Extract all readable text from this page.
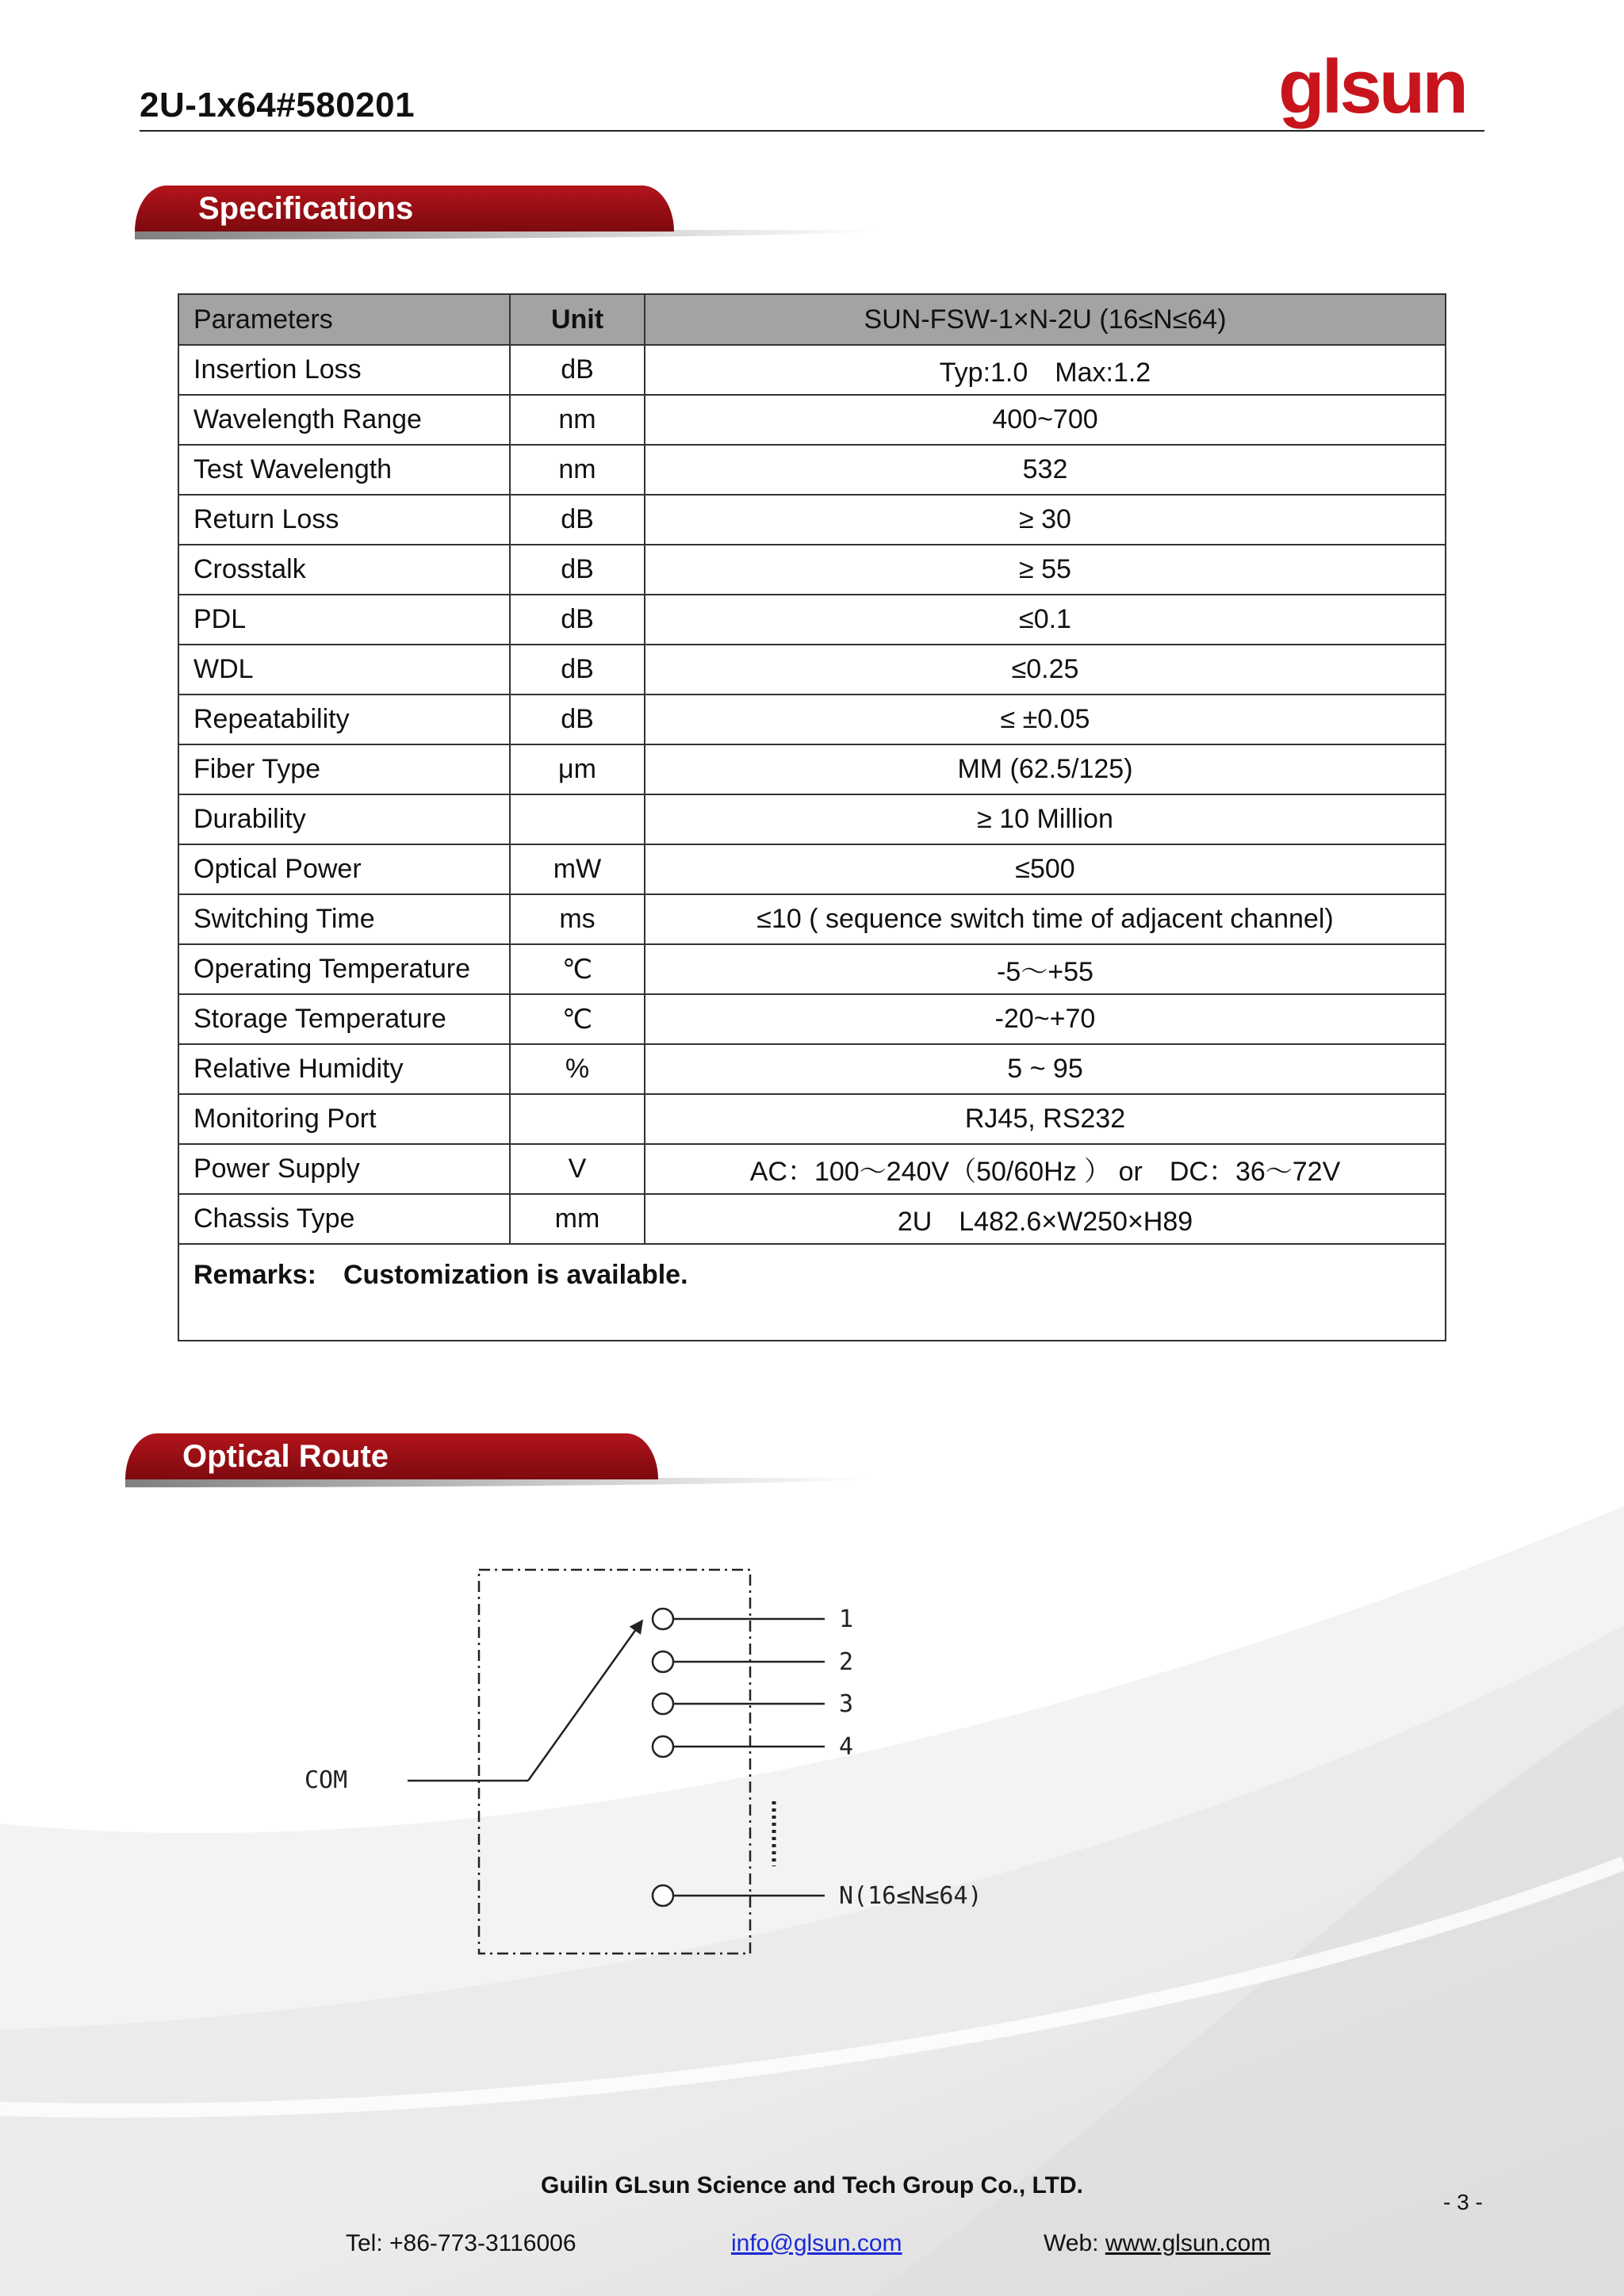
2U-1x64#580201	glsun
Specifications
Parameters	Unit	SUN-FSW-1×N-2U (16≤N≤64)
Insertion Loss	dB	Typ:1.0　Max:1.2
Wavelength Range	nm	400~700
Test Wavelength	nm	532
Return Loss	dB	≥ 30
Crosstalk	dB	≥ 55
PDL	dB	≤0.1
WDL	dB	≤0.25
Repeatability	dB	≤ ±0.05
Fiber Type	μm	MM (62.5/125)
Durability		≥ 10 Million
Optical Power	mW	≤500
Switching Time	ms	≤10 ( sequence switch time of adjacent channel)
Operating Temperature	℃	-5～+55
Storage Temperature	℃	-20~+70
Relative Humidity	%	5 ~ 95
Monitoring Port		RJ45, RS232
Power Supply	V	AC：100～240V（50/60Hz ） or　DC：36～72V
Chassis Type	mm	2U　L482.6×W250×H89
Remarks:　Customization is available.		
Optical Route
COM
1
2
3
4
N(16≤N≤64)
Guilin GLsun Science and Tech Group Co., LTD.
- 3 -
Tel: +86-773-3116006	info@glsun.com	Web: www.glsun.com
